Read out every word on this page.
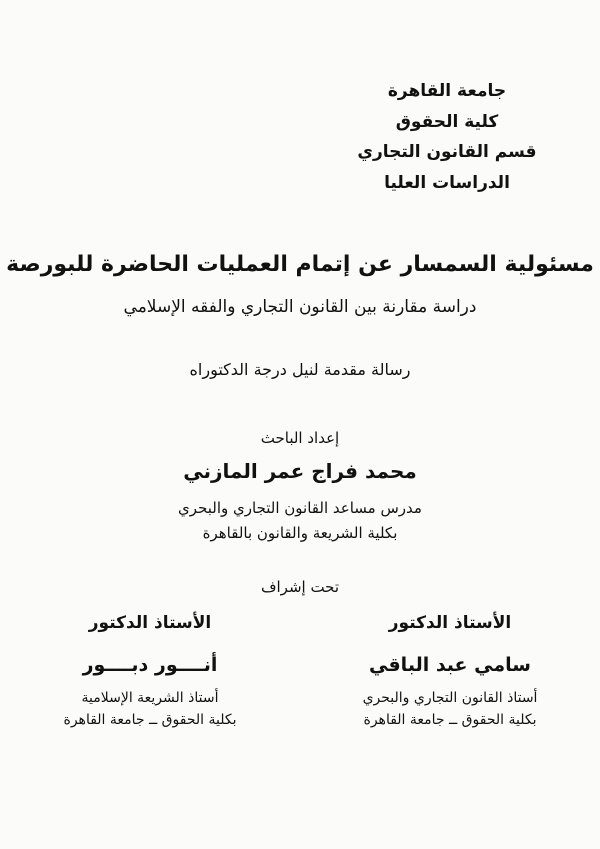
جامعة القاهرة
كلية الحقوق
قسم القانون التجاري
الدراسات العليا
مسئولية السمسار عن إتمام العمليات الحاضرة للبورصة
دراسة مقارنة بين القانون التجاري والفقه الإسلامي
رسالة مقدمة لنيل درجة الدكتوراه
إعداد الباحث
محمد فراج عمر المازني
مدرس مساعد القانون التجاري والبحري
بكلية الشريعة والقانون بالقاهرة
تحت إشراف
الأستاذ الدكتور
سامي عبد الباقي
أستاذ القانون التجاري والبحري
بكلية الحقوق ــ جامعة القاهرة
الأستاذ الدكتور
أنــــور دبــــور
أستاذ الشريعة الإسلامية
بكلية الحقوق ــ جامعة القاهرة
